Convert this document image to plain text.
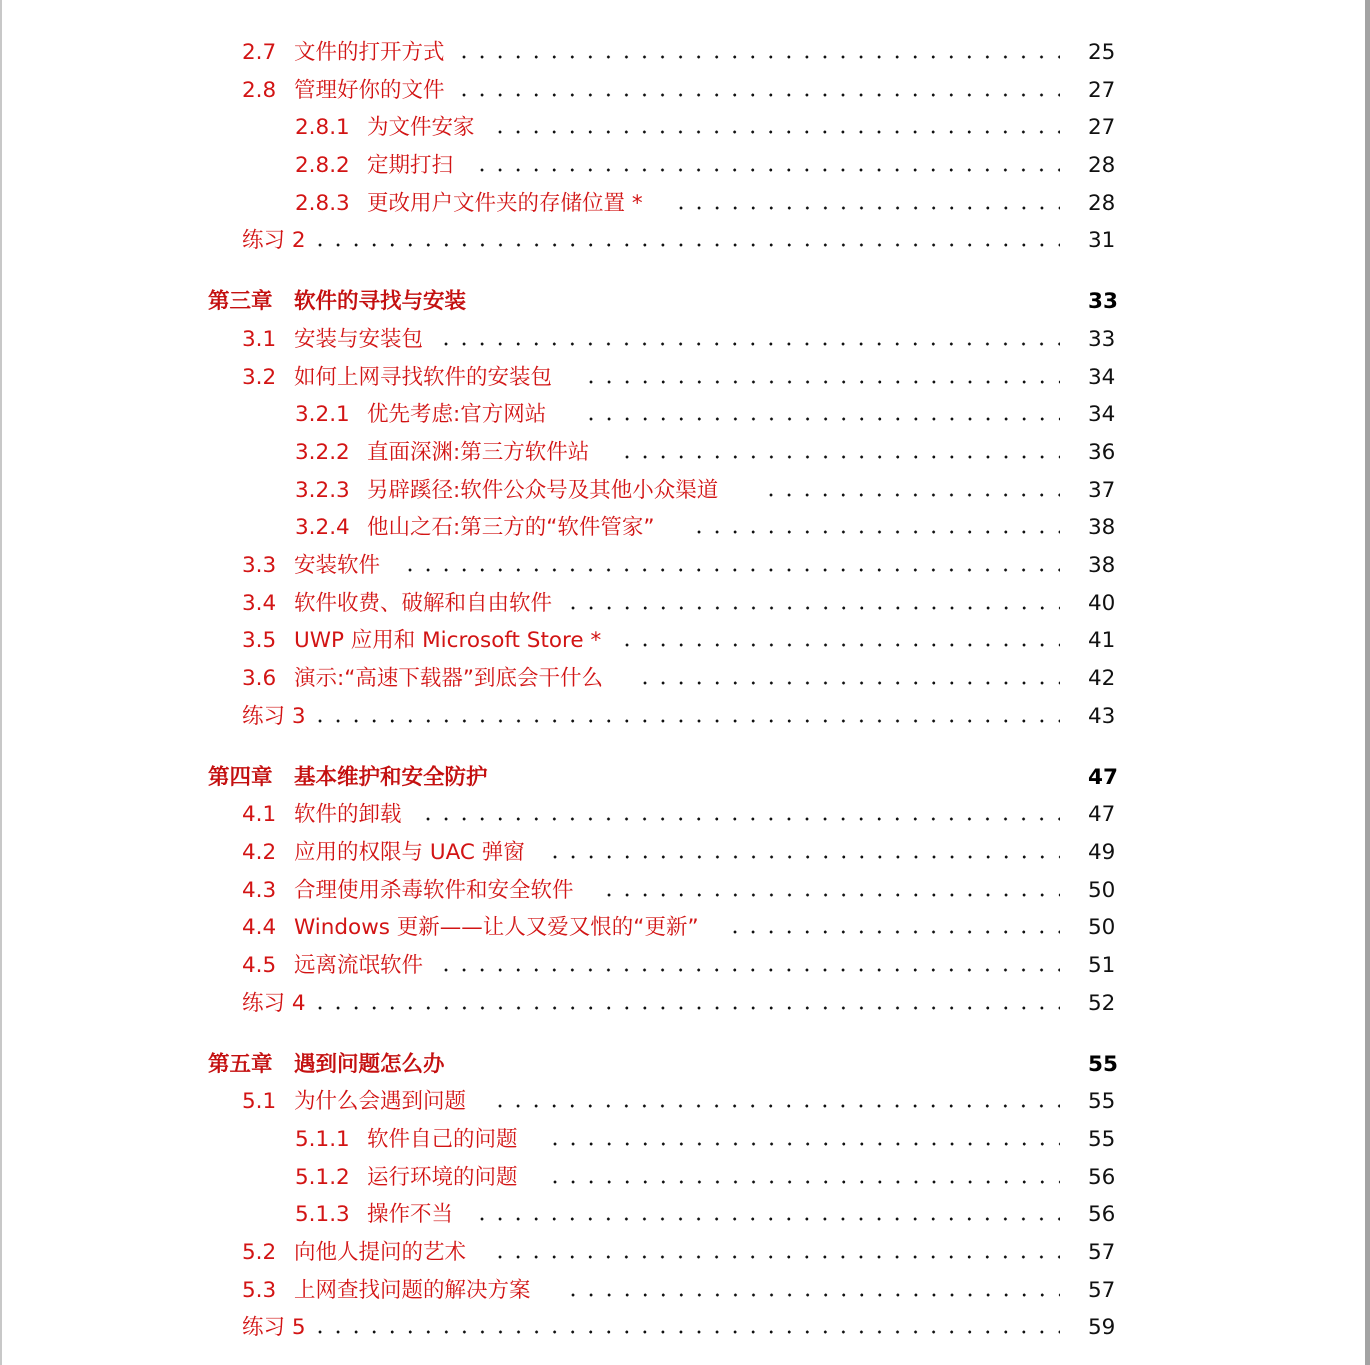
2.7 文件的打开方式	25
2.8 管理好你的文件	27
2.8.1 为文件安家	27
2.8.2 定期打扫	28
2.8.3 更改用户文件夹的存储位置 *	28
练习 2	31
第三章 软件的寻找与安装	33
3.1 安装与安装包	33
3.2 如何上网寻找软件的安装包	34
3.2.1 优先考虑:官方网站	34
3.2.2 直面深渊:第三方软件站	36
3.2.3 另辟蹊径:软件公众号及其他小众渠道	37
3.2.4 他山之石:第三方的“软件管家”	38
3.3 安装软件	38
3.4 软件收费、破解和自由软件	40
3.5 UWP 应用和 Microsoft Store *	41
3.6 演示:“高速下载器”到底会干什么	42
练习 3	43
第四章 基本维护和安全防护	47
4.1 软件的卸载	47
4.2 应用的权限与 UAC 弹窗	49
4.3 合理使用杀毒软件和安全软件	50
4.4 Windows 更新——让人又爱又恨的“更新”	50
4.5 远离流氓软件	51
练习 4	52
第五章 遇到问题怎么办	55
5.1 为什么会遇到问题	55
5.1.1 软件自己的问题	55
5.1.2 运行环境的问题	56
5.1.3 操作不当	56
5.2 向他人提问的艺术	57
5.3 上网查找问题的解决方案	57
练习 5	59
